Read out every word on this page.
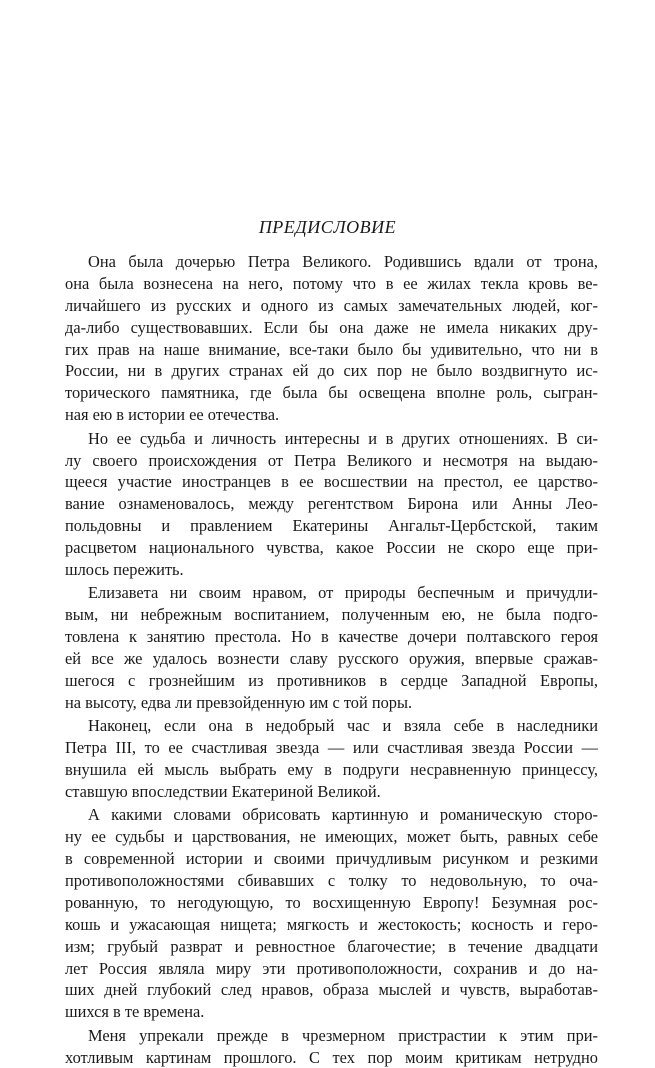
ПРЕДИСЛОВИЕ
Она была дочерью Петра Великого. Родившись вдали от трона,
она была вознесена на него, потому что в ее жилах текла кровь ве-
личайшего из русских и одного из самых замечательных людей, ког-
да-либо существовавших. Если бы она даже не имела никаких дру-
гих прав на наше внимание, все-таки было бы удивительно, что ни в
России, ни в других странах ей до сих пор не было воздвигнуто ис-
торического памятника, где была бы освещена вполне роль, сыгран-
ная ею в истории ее отечества.
Но ее судьба и личность интересны и в других отношениях. В си-
лу своего происхождения от Петра Великого и несмотря на выдаю-
щееся участие иностранцев в ее восшествии на престол, ее царство-
вание ознаменовалось, между регентством Бирона или Анны Лео-
польдовны и правлением Екатерины Ангальт-Цербстской, таким
расцветом национального чувства, какое России не скоро еще при-
шлось пережить.
Елизавета ни своим нравом, от природы беспечным и причудли-
вым, ни небрежным воспитанием, полученным ею, не была подго-
товлена к занятию престола. Но в качестве дочери полтавского героя
ей все же удалось вознести славу русского оружия, впервые сражав-
шегося с грознейшим из противников в сердце Западной Европы,
на высоту, едва ли превзойденную им с той поры.
Наконец, если она в недобрый час и взяла себе в наследники
Петра III, то ее счастливая звезда — или счастливая звезда России —
внушила ей мысль выбрать ему в подруги несравненную принцессу,
ставшую впоследствии Екатериной Великой.
А какими словами обрисовать картинную и романическую сторо-
ну ее судьбы и царствования, не имеющих, может быть, равных себе
в современной истории и своими причудливым рисунком и резкими
противоположностями сбивавших с толку то недовольную, то оча-
рованную, то негодующую, то восхищенную Европу! Безумная рос-
кошь и ужасающая нищета; мягкость и жестокость; косность и геро-
изм; грубый разврат и ревностное благочестие; в течение двадцати
лет Россия являла миру эти противоположности, сохранив и до на-
ших дней глубокий след нравов, образа мыслей и чувств, выработав-
шихся в те времена.
Меня упрекали прежде в чрезмерном пристрастии к этим при-
хотливым картинам прошлого. С тех пор моим критикам нетрудно
